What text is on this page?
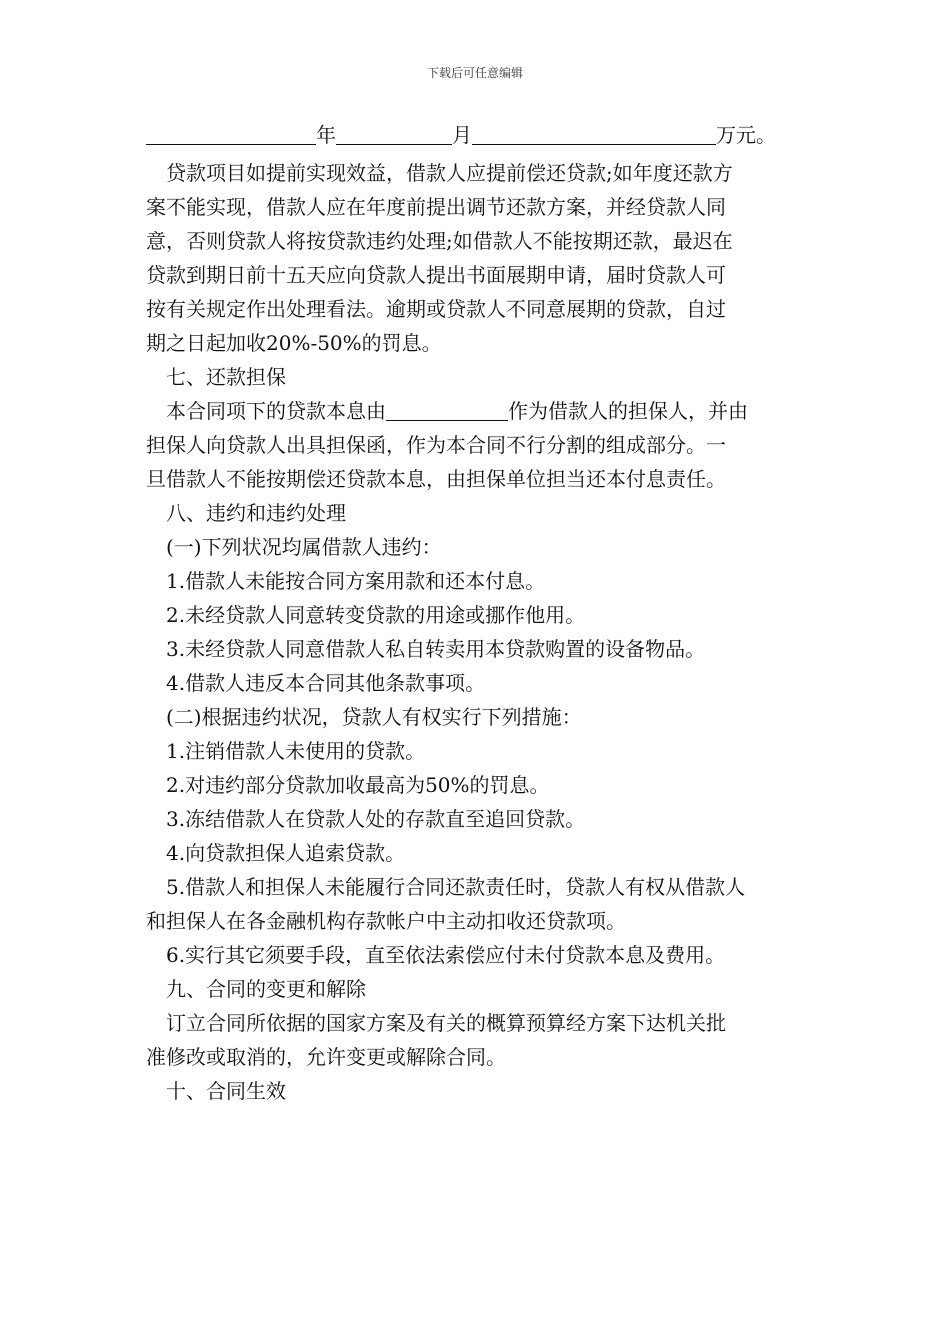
下载后可任意编辑
年	月	万元。
贷款项目如提前实现效益，借款人应提前偿还贷款;如年度还款方
案不能实现，借款人应在年度前提出调节还款方案，并经贷款人同
意，否则贷款人将按贷款违约处理;如借款人不能按期还款，最迟在
贷款到期日前十五天应向贷款人提出书面展期申请，届时贷款人可
按有关规定作出处理看法。逾期或贷款人不同意展期的贷款，自过
期之日起加收20%-50%的罚息。
七、还款担保
本合同项下的贷款本息由	作为借款人的担保人，并由
担保人向贷款人出具担保函，作为本合同不行分割的组成部分。一
旦借款人不能按期偿还贷款本息，由担保单位担当还本付息责任。
八、违约和违约处理
(一)下列状况均属借款人违约：
1.借款人未能按合同方案用款和还本付息。
2.未经贷款人同意转变贷款的用途或挪作他用。
3.未经贷款人同意借款人私自转卖用本贷款购置的设备物品。
4.借款人违反本合同其他条款事项。
(二)根据违约状况，贷款人有权实行下列措施：
1.注销借款人未使用的贷款。
2.对违约部分贷款加收最高为50%的罚息。
3.冻结借款人在贷款人处的存款直至追回贷款。
4.向贷款担保人追索贷款。
5.借款人和担保人未能履行合同还款责任时，贷款人有权从借款人
和担保人在各金融机构存款帐户中主动扣收还贷款项。
6.实行其它须要手段，直至依法索偿应付未付贷款本息及费用。
九、合同的变更和解除
订立合同所依据的国家方案及有关的概算预算经方案下达机关批
准修改或取消的，允许变更或解除合同。
十、合同生效
